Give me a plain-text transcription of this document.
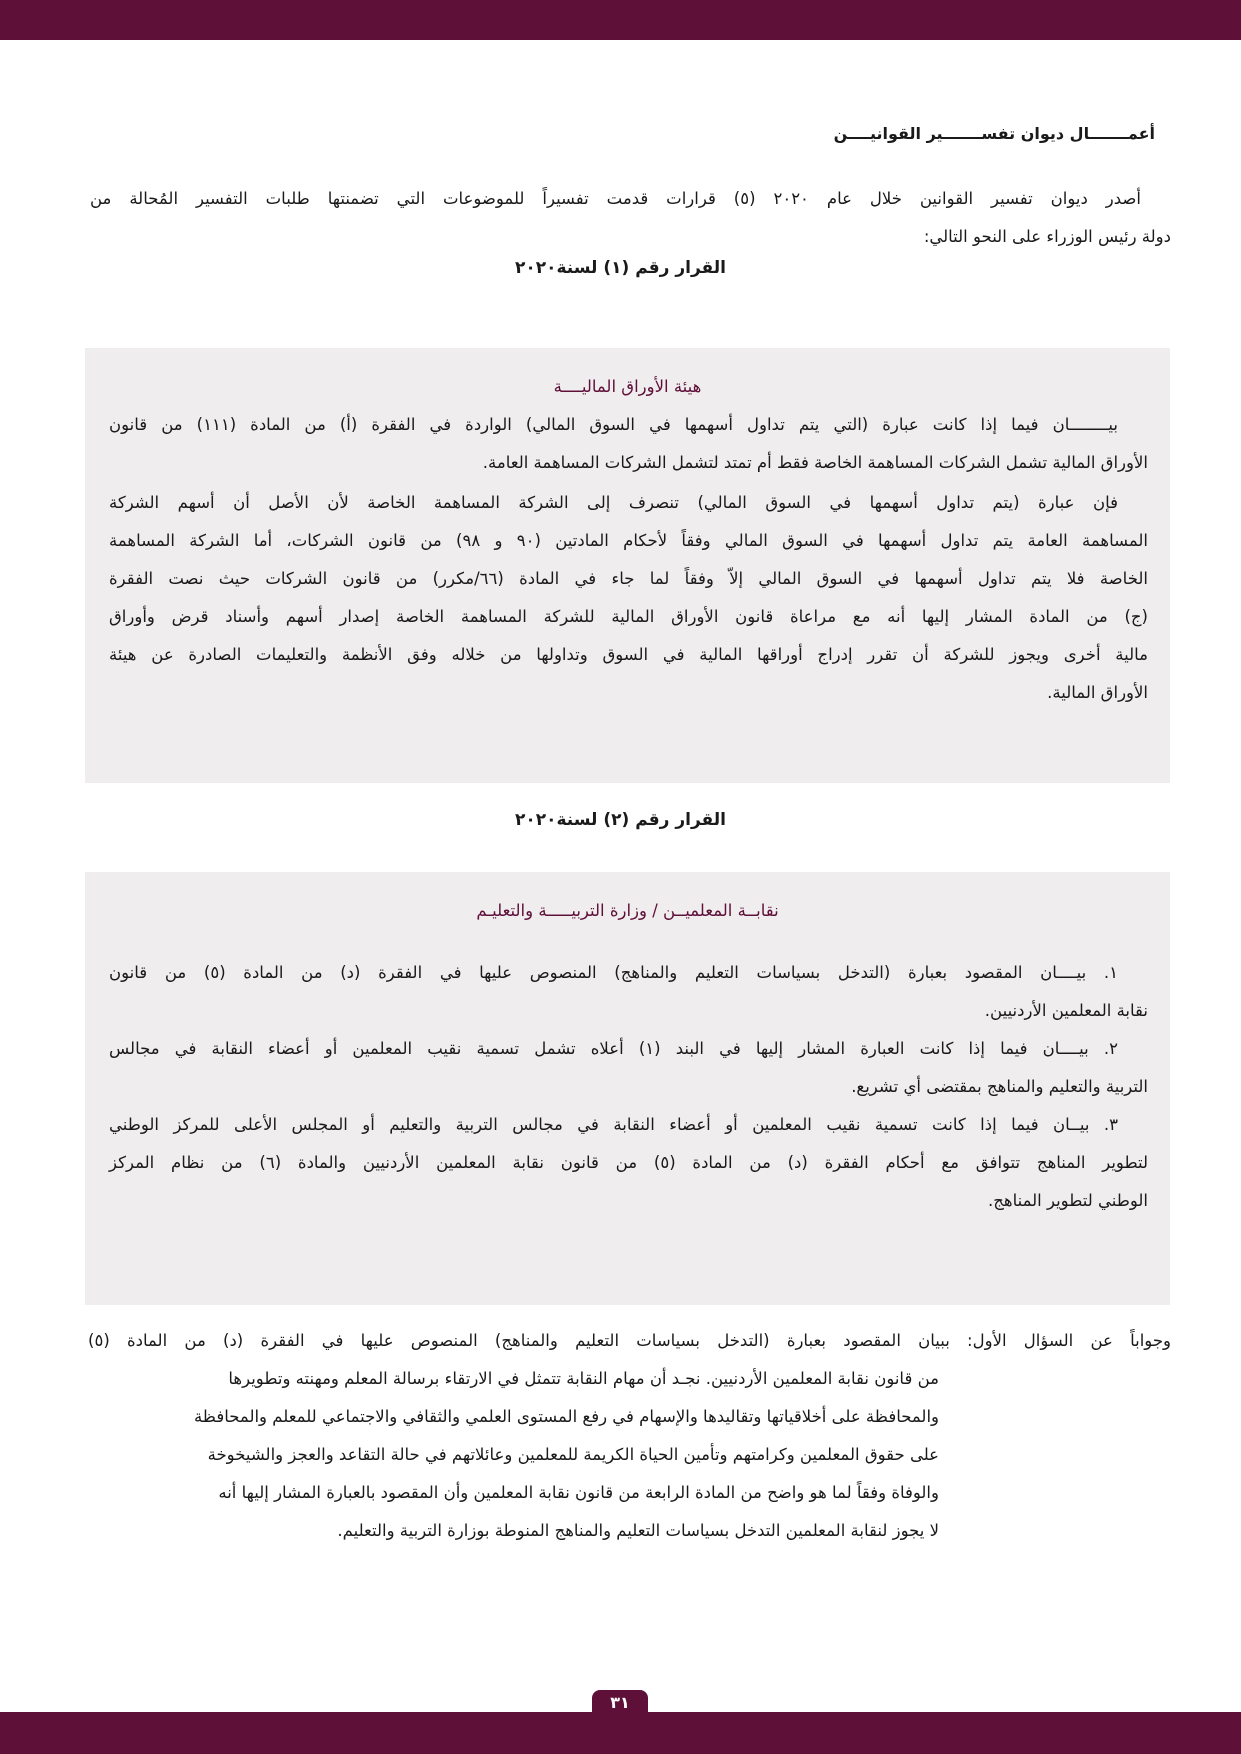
أعمـــــــال ديوان تفســـــــير القوانيــــن
أصدر ديوان تفسير القوانين خلال عام ٢٠٢٠ (٥) قرارات قدمت تفسيراً للموضوعات التي تضمنتها طلبات التفسير المُحالة من
دولة رئيس الوزراء على النحو التالي:
القرار رقم (١) لسنة٢٠٢٠
هيئة الأوراق الماليــــة
بيــــــــان فيما إذا كانت عبارة (التي يتم تداول أسهمها في السوق المالي) الواردة في الفقرة (أ) من المادة (١١١) من قانون
الأوراق المالية تشمل الشركات المساهمة الخاصة فقط أم تمتد لتشمل الشركات المساهمة العامة.
فإن عبارة (يتم تداول أسهمها في السوق المالي) تنصرف إلى الشركة المساهمة الخاصة لأن الأصل أن أسهم الشركة
المساهمة العامة يتم تداول أسهمها في السوق المالي وفقاً لأحكام المادتين (٩٠ و ٩٨) من قانون الشركات، أما الشركة المساهمة
الخاصة فلا يتم تداول أسهمها في السوق المالي إلاّ وفقاً لما جاء في المادة (٦٦/مكرر) من قانون الشركات حيث نصت الفقرة
(ج) من المادة المشار إليها أنه مع مراعاة قانون الأوراق المالية للشركة المساهمة الخاصة إصدار أسهم وأسناد قرض وأوراق
مالية أخرى ويجوز للشركة أن تقرر إدراج أوراقها المالية في السوق وتداولها من خلاله وفق الأنظمة والتعليمات الصادرة عن هيئة
الأوراق المالية.
القرار رقم (٢) لسنة٢٠٢٠
نقابــة المعلميــن / وزارة التربيـــــة والتعليـم
١. بيــــان المقصود بعبارة (التدخل بسياسات التعليم والمناهج) المنصوص عليها في الفقرة (د) من المادة (٥) من قانون
نقابة المعلمين الأردنيين.
٢. بيــــان فيما إذا كانت العبارة المشار إليها في البند (١) أعلاه تشمل تسمية نقيب المعلمين أو أعضاء النقابة في مجالس
التربية والتعليم والمناهج بمقتضى أي تشريع.
٣. بيــان فيما إذا كانت تسمية نقيب المعلمين أو أعضاء النقابة في مجالس التربية والتعليم أو المجلس الأعلى للمركز الوطني
لتطوير المناهج تتوافق مع أحكام الفقرة (د) من المادة (٥) من قانون نقابة المعلمين الأردنيين والمادة (٦) من نظام المركز
الوطني لتطوير المناهج.
وجواباً عن السؤال الأول: ببيان المقصود بعبارة (التدخل بسياسات التعليم والمناهج) المنصوص عليها في الفقرة (د) من المادة (٥)
من قانون نقابة المعلمين الأردنيين. نجـد أن مهام النقابة تتمثل في الارتقاء برسالة المعلم ومهنته وتطويرها
والمحافظة على أخلاقياتها وتقاليدها والإسهام في رفع المستوى العلمي والثقافي والاجتماعي للمعلم والمحافظة
على حقوق المعلمين وكرامتهم وتأمين الحياة الكريمة للمعلمين وعائلاتهم في حالة التقاعد والعجز والشيخوخة
والوفاة وفقاً لما هو واضح من المادة الرابعة من قانون نقابة المعلمين وأن المقصود بالعبارة المشار إليها أنه
لا يجوز لنقابة المعلمين التدخل بسياسات التعليم والمناهج المنوطة بوزارة التربية والتعليم.
٣١
